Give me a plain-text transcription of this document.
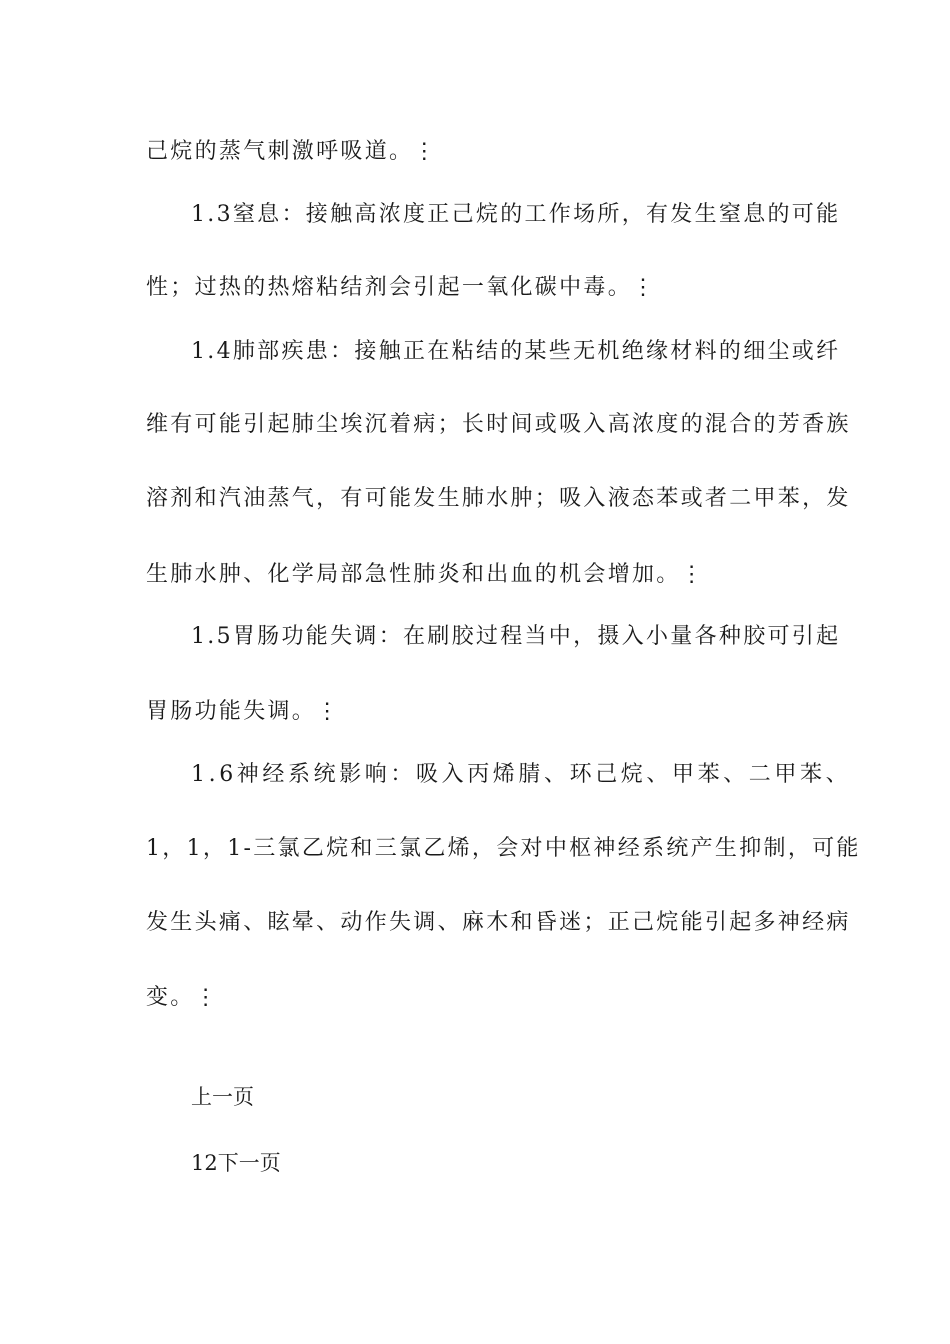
己烷的蒸气刺激呼吸道。⋮
1.3窒息：接触高浓度正己烷的工作场所，有发生窒息的可能
性；过热的热熔粘结剂会引起一氧化碳中毒。⋮
1.4肺部疾患：接触正在粘结的某些无机绝缘材料的细尘或纤
维有可能引起肺尘埃沉着病；长时间或吸入高浓度的混合的芳香族
溶剂和汽油蒸气，有可能发生肺水肿；吸入液态苯或者二甲苯，发
生肺水肿、化学局部急性肺炎和出血的机会增加。⋮
1.5胃肠功能失调：在刷胶过程当中，摄入小量各种胶可引起
胃肠功能失调。⋮
1.6神经系统影响：吸入丙烯腈、环己烷、甲苯、二甲苯、
1，1，1-三氯乙烷和三氯乙烯，会对中枢神经系统产生抑制，可能
发生头痛、眩晕、动作失调、麻木和昏迷；正己烷能引起多神经病
变。⋮
上一页
12下一页
